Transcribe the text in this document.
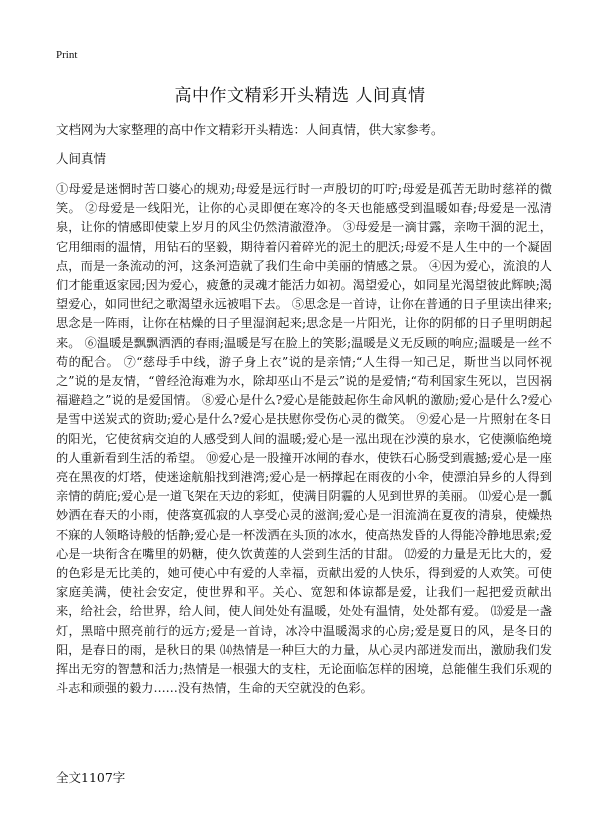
Print
高中作文精彩开头精选 人间真情

文档网为大家整理的高中作文精彩开头精选：人间真情，供大家参考。

人间真情

①母爱是迷惘时苦口婆心的规劝;母爱是远行时一声殷切的叮咛;母爱是孤苦无助时慈祥的微笑。 ②母爱是一线阳光，让你的心灵即便在寒冷的冬天也能感受到温暖如春;母爱是一泓清泉，让你的情感即使蒙上岁月的风尘仍然清澈澄净。 ③母爱是一滴甘露，亲吻干涸的泥土，它用细雨的温情，用钻石的坚毅，期待着闪着碎光的泥土的肥沃;母爱不是人生中的一个凝固点，而是一条流动的河，这条河造就了我们生命中美丽的情感之景。 ④因为爱心，流浪的人们才能重返家园;因为爱心，疲惫的灵魂才能活力如初。渴望爱心，如同星光渴望彼此辉映;渴望爱心，如同世纪之歌渴望永远被唱下去。 ⑤思念是一首诗，让你在普通的日子里读出律来;思念是一阵雨，让你在枯燥的日子里湿润起来;思念是一片阳光，让你的阴郁的日子里明朗起来。 ⑥温暖是飘飘洒洒的春雨;温暖是写在脸上的笑影;温暖是义无反顾的响应;温暖是一丝不苟的配合。 ⑦“慈母手中线，游子身上衣”说的是亲情;“人生得一知己足，斯世当以同怀视之”说的是友情，“曾经沧海难为水，除却巫山不是云”说的是爱情;“苟利国家生死以，岂因祸福避趋之”说的是爱国情。 ⑧爱心是什么?爱心是能鼓起你生命风帆的激励;爱心是什么?爱心是雪中送炭式的资助;爱心是什么?爱心是扶慰你受伤心灵的微笑。 ⑨爱心是一片照射在冬日的阳光，它使贫病交迫的人感受到人间的温暖;爱心是一泓出现在沙漠的泉水，它使濒临绝境的人重新看到生活的希望。 ⑩爱心是一股撞开冰闸的春水，使铁石心肠受到震撼;爱心是一座亮在黑夜的灯塔，使迷途航船找到港湾;爱心是一柄撑起在雨夜的小伞，使漂泊异乡的人得到亲情的荫庇;爱心是一道飞架在天边的彩虹，使满目阴霾的人见到世界的美丽。 ⑾爱心是一瓢妙洒在春天的小雨，使落寞孤寂的人享受心灵的滋润;爱心是一泪流淌在夏夜的清泉，使燥热不寐的人领略诗般的恬静;爱心是一杯泼洒在头顶的冰水，使高热发昏的人得能冷静地思索;爱心是一块衔含在嘴里的奶糖，使久饮黄莲的人尝到生活的甘甜。 ⑿爱的力量是无比大的，爱的色彩是无比美的，她可使心中有爱的人幸福，贡献出爱的人快乐，得到爱的人欢笑。可使家庭美满，使社会安定，使世界和平。关心、宽恕和体谅都是爱，让我们一起把爱贡献出来，给社会，给世界，给人间，使人间处处有温暖，处处有温情，处处都有爱。 ⒀爱是一盏灯，黑暗中照亮前行的远方;爱是一首诗，冰冷中温暖渴求的心房;爱是夏日的风，是冬日的阳，是春日的雨，是秋日的果 ⒁热情是一种巨大的力量，从心灵内部迸发而出，激励我们发挥出无穷的智慧和活力;热情是一根强大的支柱，无论面临怎样的困境，总能催生我们乐观的斗志和顽强的毅力……没有热情，生命的天空就没的色彩。

全文1107字
